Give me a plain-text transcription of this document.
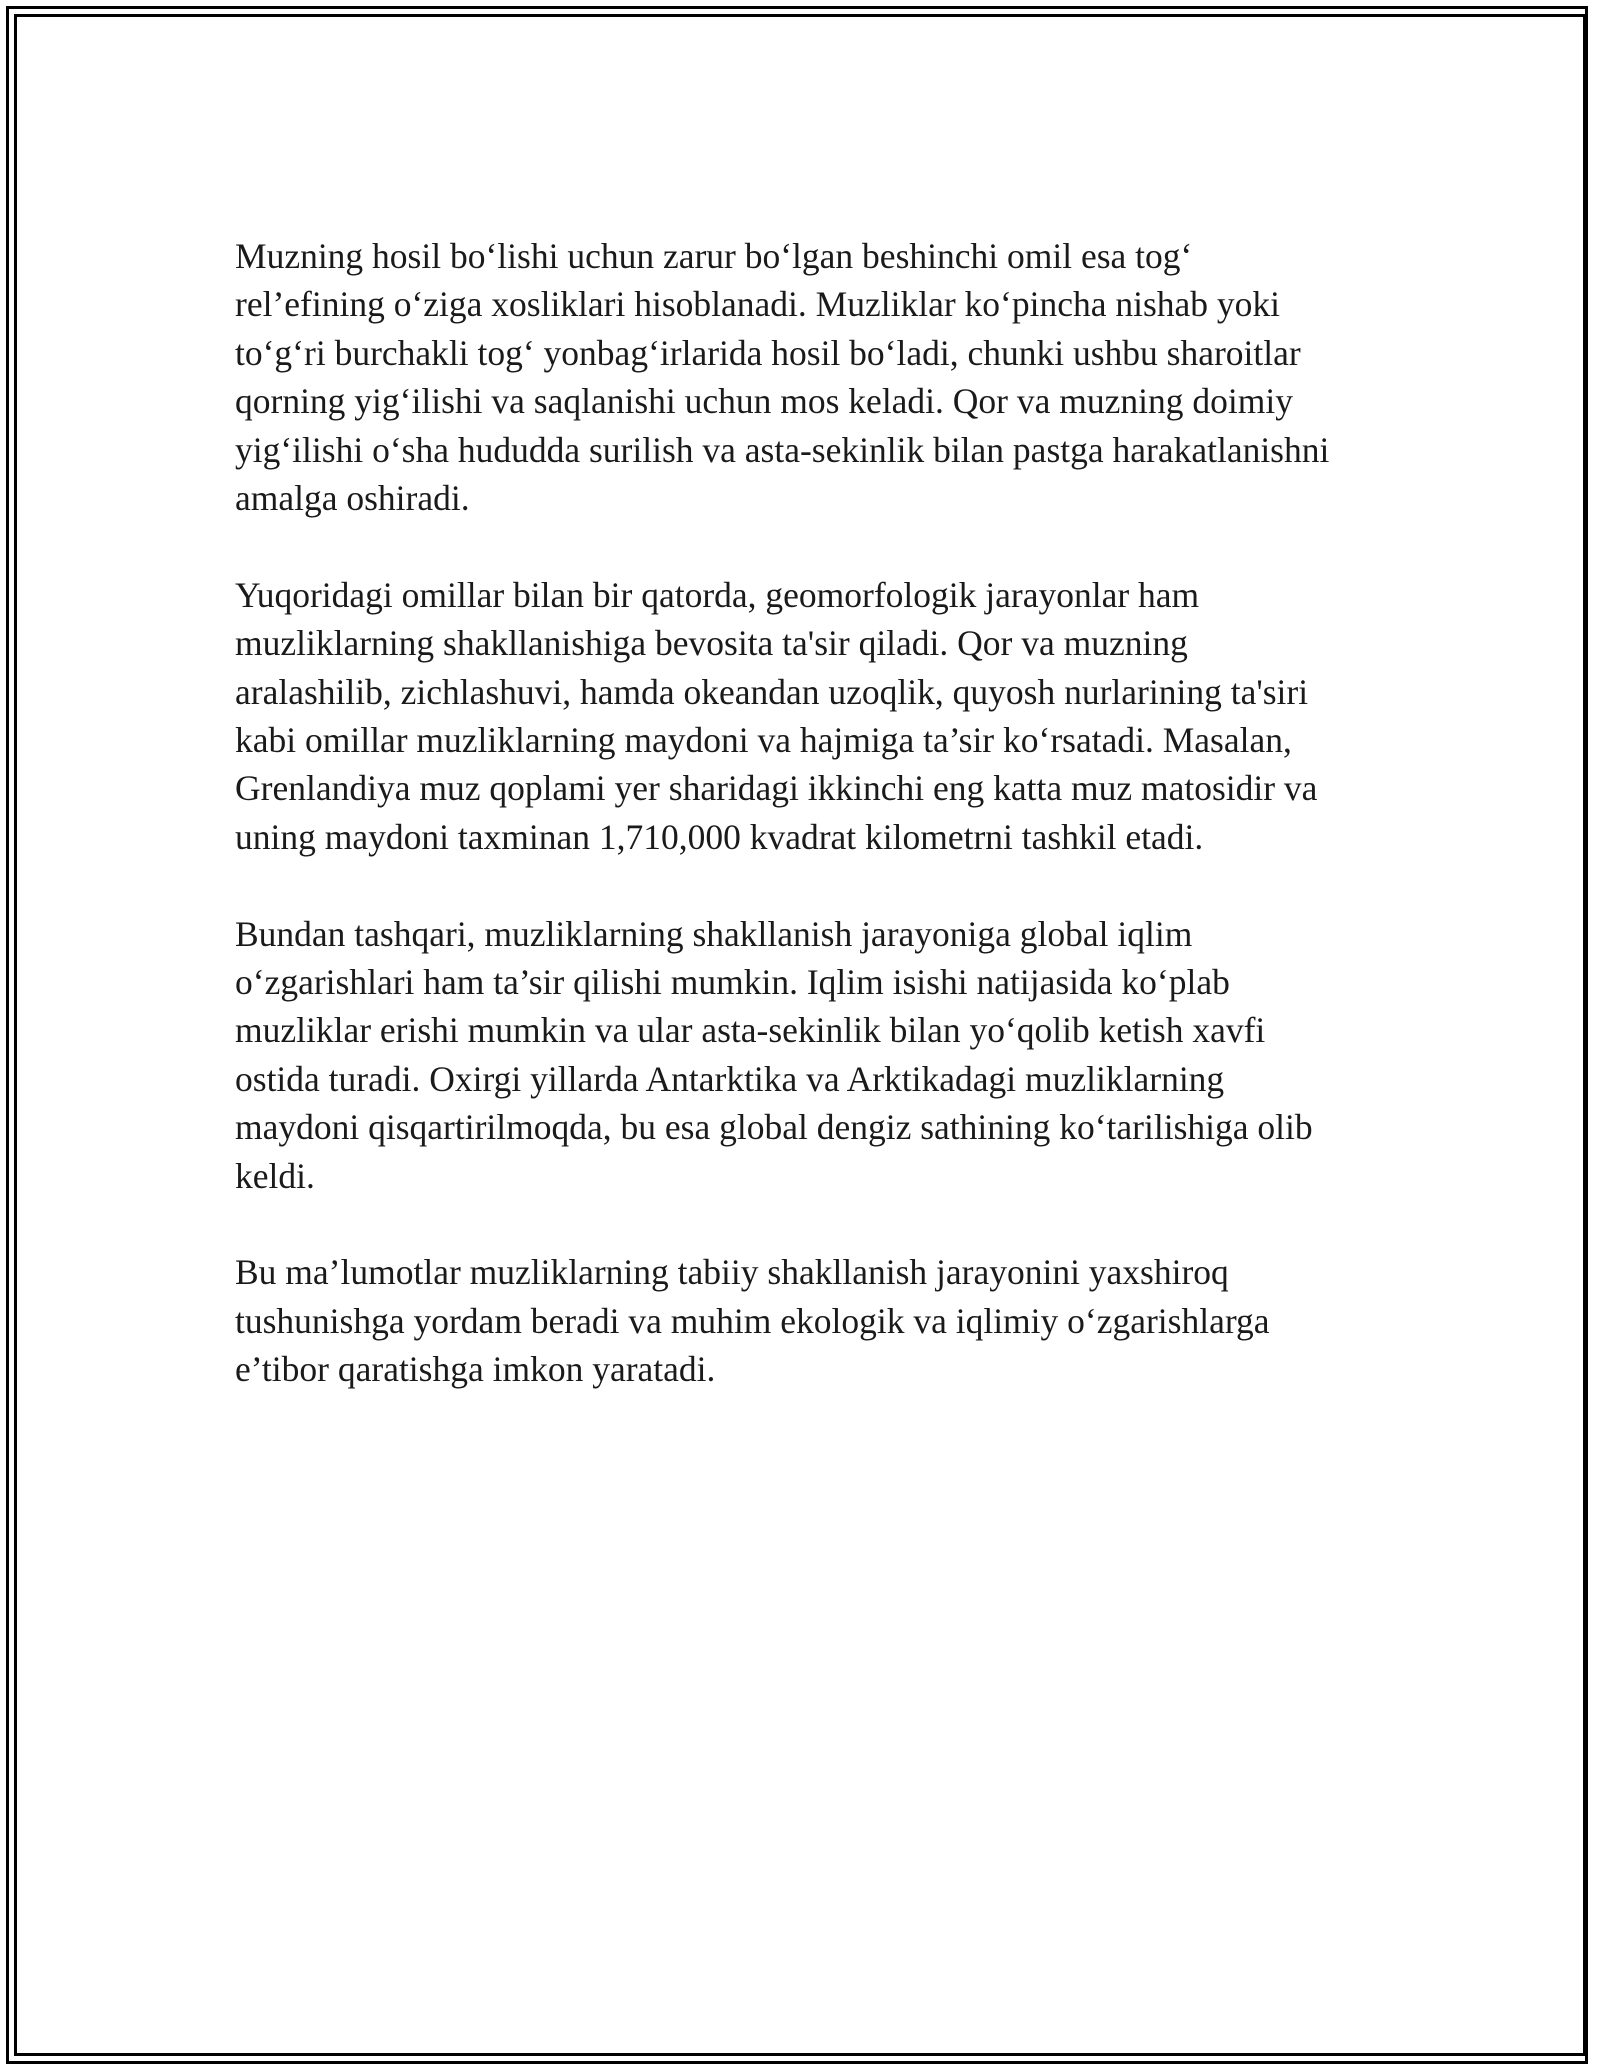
Muzning hosil bo‘lishi uchun zarur bo‘lgan beshinchi omil esa tog‘
rel’efining o‘ziga xosliklari hisoblanadi. Muzliklar ko‘pincha nishab yoki
to‘g‘ri burchakli tog‘ yonbag‘irlarida hosil bo‘ladi, chunki ushbu sharoitlar
qorning yig‘ilishi va saqlanishi uchun mos keladi. Qor va muzning doimiy
yig‘ilishi o‘sha hududda surilish va asta-sekinlik bilan pastga harakatlanishni
amalga oshiradi.

Yuqoridagi omillar bilan bir qatorda, geomorfologik jarayonlar ham
muzliklarning shakllanishiga bevosita ta'sir qiladi. Qor va muzning
aralashilib, zichlashuvi, hamda okeandan uzoqlik, quyosh nurlarining ta'siri
kabi omillar muzliklarning maydoni va hajmiga ta’sir ko‘rsatadi. Masalan,
Grenlandiya muz qoplami yer sharidagi ikkinchi eng katta muz matosidir va
uning maydoni taxminan 1,710,000 kvadrat kilometrni tashkil etadi.

Bundan tashqari, muzliklarning shakllanish jarayoniga global iqlim
o‘zgarishlari ham ta’sir qilishi mumkin. Iqlim isishi natijasida ko‘plab
muzliklar erishi mumkin va ular asta-sekinlik bilan yo‘qolib ketish xavfi
ostida turadi. Oxirgi yillarda Antarktika va Arktikadagi muzliklarning
maydoni qisqartirilmoqda, bu esa global dengiz sathining ko‘tarilishiga olib
keldi.

Bu ma’lumotlar muzliklarning tabiiy shakllanish jarayonini yaxshiroq
tushunishga yordam beradi va muhim ekologik va iqlimiy o‘zgarishlarga
e’tibor qaratishga imkon yaratadi.
